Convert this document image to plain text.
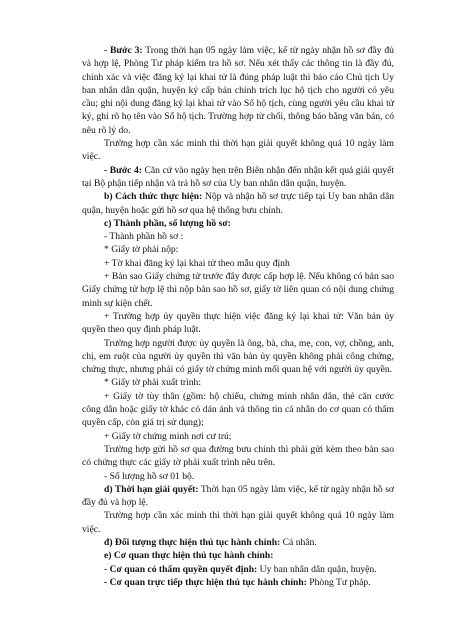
- Bước 3: Trong thời hạn 05 ngày làm việc, kể từ ngày nhận hồ sơ đầy đủ và hợp lệ, Phòng Tư pháp kiểm tra hồ sơ. Nếu xét thấy các thông tin là đầy đủ, chính xác và việc đăng ký lại khai tử là đúng pháp luật thì báo cáo Chủ tịch Uy ban nhân dân quận, huyện ký cấp bản chính trích lục hộ tịch cho người có yêu cầu; ghi nội dung đăng ký lại khai tử vào Sổ hộ tịch, cùng người yêu cầu khai tử ký, ghi rõ họ tên vào Sổ hộ tịch. Trường hợp từ chối, thông báo bằng văn bản, có nêu rõ lý do.

Trường hợp cần xác minh thì thời hạn giải quyết không quá 10 ngày làm việc.

- Bước 4: Căn cứ vào ngày hẹn trên Biên nhận đến nhận kết quả giải quyết tại Bộ phận tiếp nhận và trả hồ sơ của Uy ban nhân dân quận, huyện.

b) Cách thức thực hiện: Nộp và nhận hồ sơ trực tiếp tại Uy ban nhân dân quận, huyện hoặc gửi hồ sơ qua hệ thống bưu chính.

c) Thành phần, số lượng hồ sơ:

- Thành phần hồ sơ :

* Giấy tờ phải nộp:

+ Tờ khai đăng ký lại khai tử theo mẫu quy định

+ Bản sao Giấy chứng tử trước đây được cấp hợp lệ. Nếu không có bản sao Giấy chứng tử hợp lệ thì nộp bản sao hồ sơ, giấy tờ liên quan có nội dung chứng minh sự kiện chết.

+ Trường hợp ủy quyền thực hiện việc đăng ký lại khai tử: Văn bản ủy quyền theo quy định pháp luật.

Trường hợp người được ủy quyền là ông, bà, cha, mẹ, con, vợ, chồng, anh, chị, em ruột của người ủy quyền thì văn bản ủy quyền không phải công chứng, chứng thực, nhưng phải có giấy tờ chứng minh mối quan hệ với người ủy quyền.

* Giấy tờ phải xuất trình:

+ Giấy tờ tùy thân (gồm: hộ chiếu, chứng minh nhân dân, thẻ căn cước công dân hoặc giấy tờ khác có dán ảnh và thông tin cá nhân do cơ quan có thẩm quyền cấp, còn giá trị sử dụng);

+ Giấy tờ chứng minh nơi cư trú;

Trường hợp gửi hồ sơ qua đường bưu chính thì phải gửi kèm theo bản sao có chứng thực các giấy tờ phải xuất trình nêu trên.

- Số lượng hồ sơ 01 bộ.

d) Thời hạn giải quyết: Thời hạn 05 ngày làm việc, kể từ ngày nhận hồ sơ đầy đủ và hợp lệ.

Trường hợp cần xác minh thì thời hạn giải quyết không quá 10 ngày làm việc.

đ) Đối tượng thực hiện thủ tục hành chính: Cá nhân.

e) Cơ quan thực hiện thủ tục hành chính:

- Cơ quan có thẩm quyền quyết định: Uy ban nhân dân quận, huyện.

- Cơ quan trực tiếp thực hiện thủ tục hành chính: Phòng Tư pháp.
